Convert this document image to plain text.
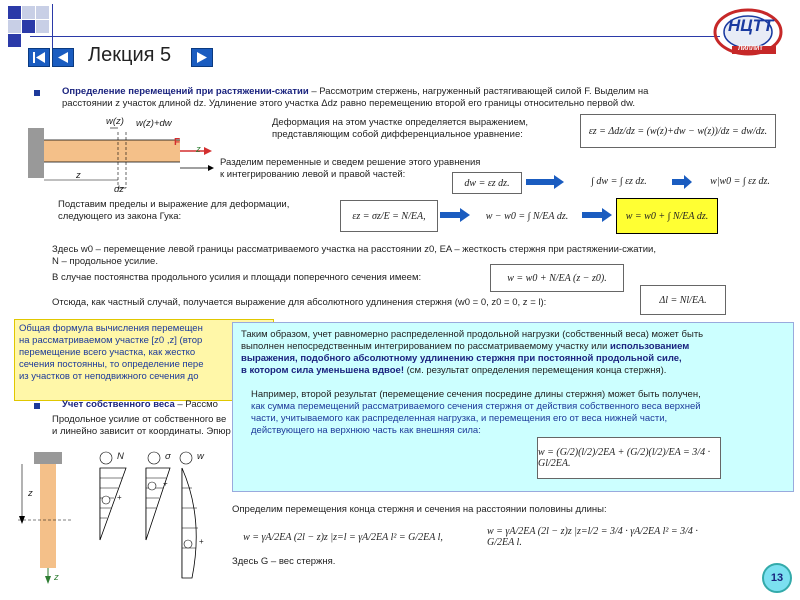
НЦТТ
ЛИЛЛИТ
Лекция 5
Определение перемещений при растяжении-сжатии – Рассмотрим стержень, нагруженный растягивающей силой F. Выделим на
расстоянии z участок длиной dz. Удлинение этого участка Δdz равно перемещению второй его границы относительно первой dw.
w(z) w(z)+dw
F
z
z
dz
Деформация на этом участке определяется выражением,
представляющим собой дифференциальное уравнение:	εz = Δdz/dz = (w(z)+dw − w(z))/dz = dw/dz.
Разделим переменные и сведем решение этого уравнения
к интегрированию левой и правой частей:
dw = εz dz.	∫ dw = ∫ εz dz.	w|w0 = ∫ εz dz.
Подставим пределы и выражение для деформации,
следующего из закона Гука:	εz = σz/E = N/EA,	w − w0 = ∫ N/EA dz.	w = w0 + ∫ N/EA dz.
Здесь w0 – перемещение левой границы рассматриваемого участка на расстоянии z0, EA – жесткость стержня при растяжении-сжатии,
N – продольное усилие.
В случае постоянства продольного усилия и площади поперечного сечения имеем:	w = w0 + N/EA (z − z0).
Отсюда, как частный случай, получается выражение для абсолютного удлинения стержня (w0 = 0, z0 = 0, z = l):	Δl = Nl/EA.
Общая формула вычисления перемещен
на рассматриваемом участке [z0 ,z] (втор
перемещение всего участка, как жестко
сечения постоянны, то определение пере
из участков от неподвижного сечения до
Учет собственного веса – Рассмо
Продольное усилие от собственного ве
и линейно зависит от координаты. Эпюр
z
z
N	σ	w
+
+
+
Таким образом, учет равномерно распределенной продольной нагрузки (собственный веса) может быть
выполнен непосредственным интегрированием по рассматриваемому участку или использованием
выражения, подобного абсолютному удлинению стержня при постоянной продольной силе,
в котором сила уменьшена вдвое! (см. результат определения перемещения конца стержня).
Например, второй результат (перемещение сечения посредине длины стержня) может быть получен,
как сумма перемещений рассматриваемого сечения стержня от действия собственного веса верхней
части, учитываемого как распределенная нагрузка, и перемещения его от веса нижней части,
действующего на верхнюю часть как внешняя сила:
w = (G/2)(l/2)/2EA + (G/2)(l/2)/EA = 3/4 · Gl/2EA.
Определим перемещения конца стержня и сечения на расстоянии половины длины:
w = γA/2EA (2l − z)z |z=l = γA/2EA l² = G/2EA l,	w = γA/2EA (2l − z)z |z=l/2 = 3/4 · γA/2EA l² = 3/4 · G/2EA l.
Здесь G – вес стержня.
13
